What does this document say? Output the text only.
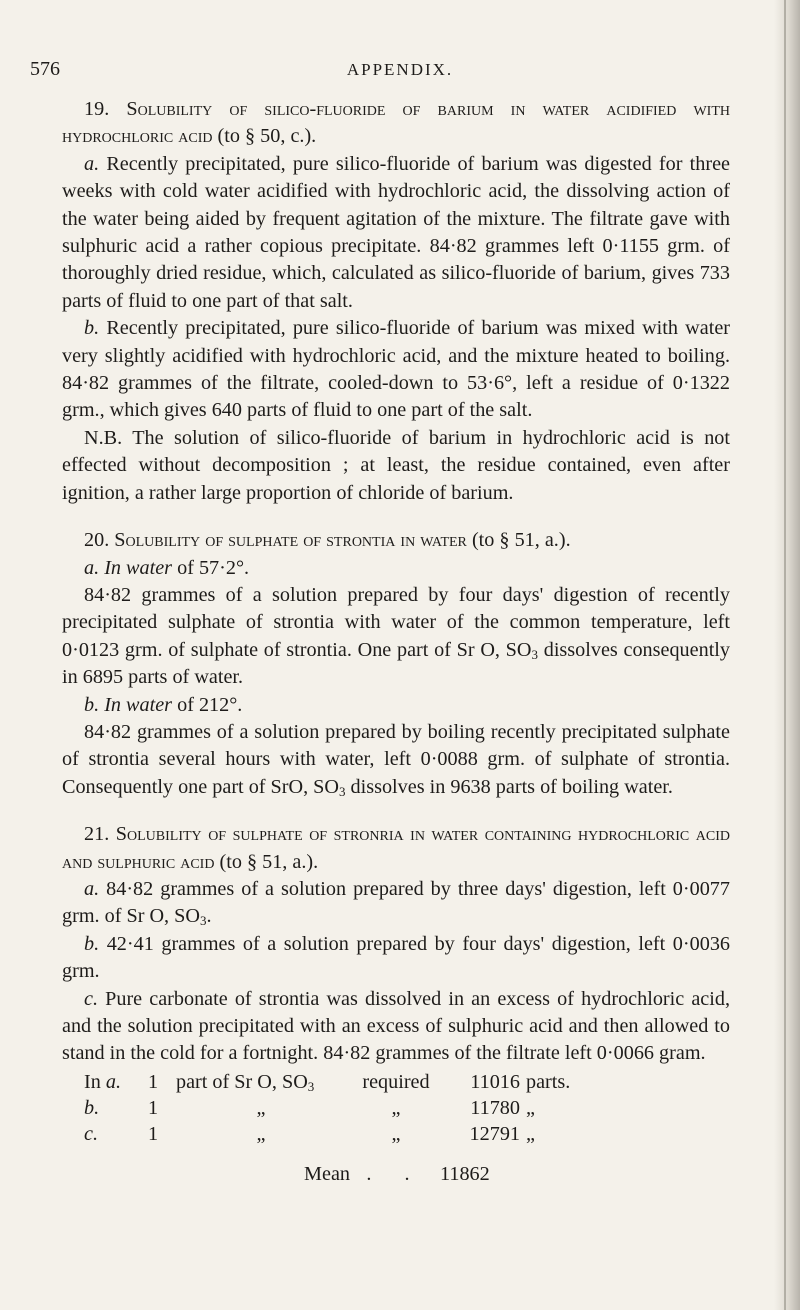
576	APPENDIX.

19. Solubility of silico-fluoride of barium in water acidified with hydrochloric acid (to § 50, c.).

a. Recently precipitated, pure silico-fluoride of barium was digested for three weeks with cold water acidified with hydrochloric acid, the dissolving action of the water being aided by frequent agitation of the mixture. The filtrate gave with sulphuric acid a rather copious precipitate. 84·82 grammes left 0·1155 grm. of thoroughly dried residue, which, calculated as silico-fluoride of barium, gives 733 parts of fluid to one part of that salt.

b. Recently precipitated, pure silico-fluoride of barium was mixed with water very slightly acidified with hydrochloric acid, and the mixture heated to boiling. 84·82 grammes of the filtrate, cooled-down to 53·6°, left a residue of 0·1322 grm., which gives 640 parts of fluid to one part of the salt.

N.B. The solution of silico-fluoride of barium in hydrochloric acid is not effected without decomposition ; at least, the residue contained, even after ignition, a rather large proportion of chloride of barium.

20. Solubility of sulphate of strontia in water (to § 51, a.).

a. In water of 57·2°.

84·82 grammes of a solution prepared by four days' digestion of recently precipitated sulphate of strontia with water of the common temperature, left 0·0123 grm. of sulphate of strontia. One part of Sr O, $SO_3$ dissolves consequently in 6895 parts of water.

b. In water of 212°.

84·82 grammes of a solution prepared by boiling recently precipitated sulphate of strontia several hours with water, left 0·0088 grm. of sulphate of strontia. Consequently one part of SrO, $SO_3$ dissolves in 9638 parts of boiling water.

21. Solubility of sulphate of stronria in water containing hydrochloric acid and sulphuric acid (to § 51, a.).

a. 84·82 grammes of a solution prepared by three days' digestion, left 0·0077 grm. of Sr O, $SO_3$.

b. 42·41 grammes of a solution prepared by four days' digestion, left 0·0036 grm.

c. Pure carbonate of strontia was dissolved in an excess of hydrochloric acid, and the solution precipitated with an excess of sulphuric acid and then allowed to stand in the cold for a fortnight. 84·82 grammes of the filtrate left 0·0066 gram.

In a.	1 part of Sr O, $SO_3$	required	11016 parts.
b.	1	„	„	11780 „
c.	1	„	„	12791 „
Mean . . 11862
